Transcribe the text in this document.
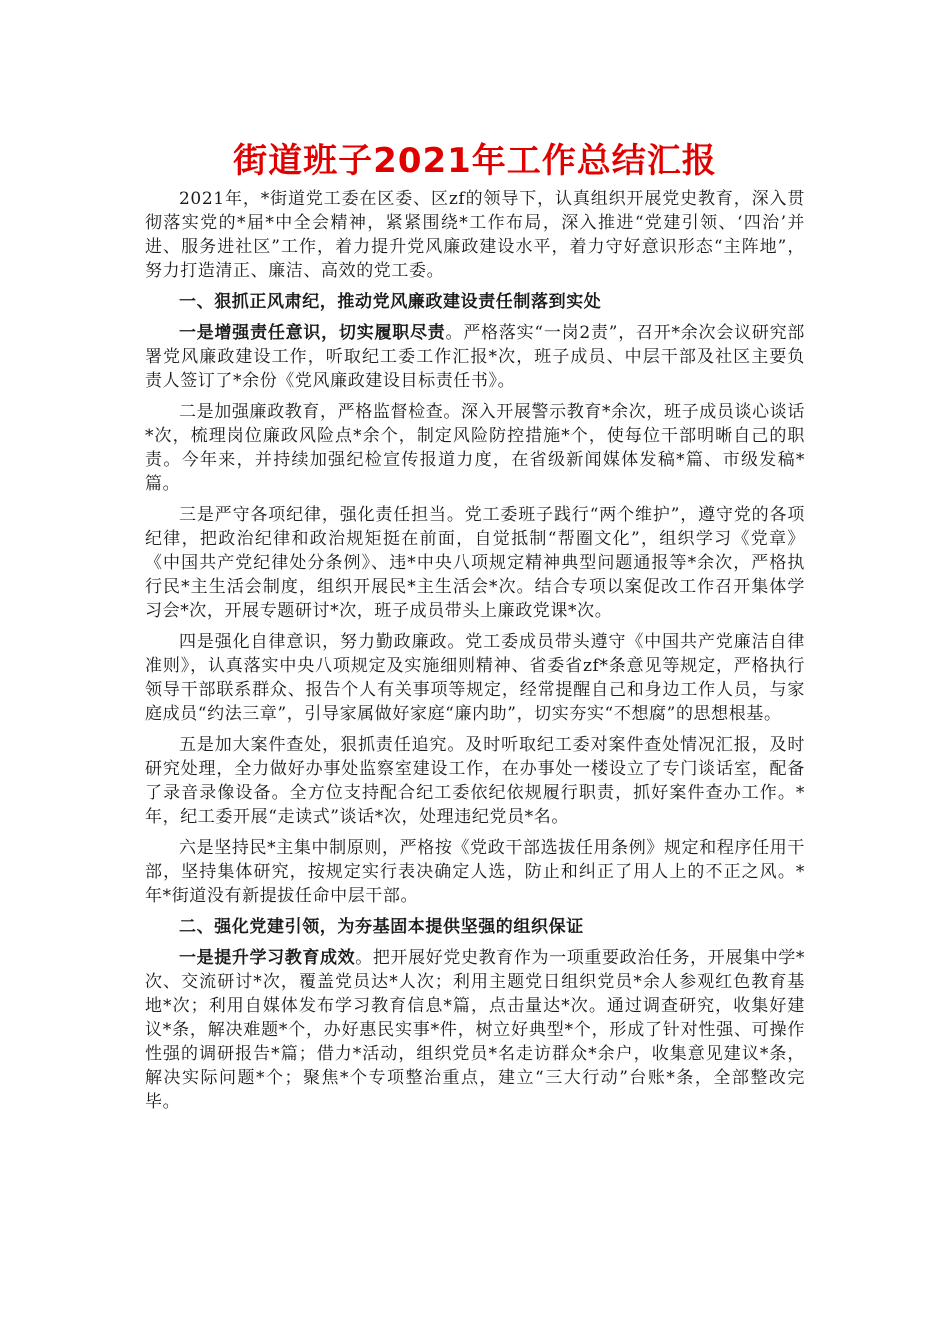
街道班子2021年工作总结汇报

2021年，*街道党工委在区委、区zf的领导下，认真组织开展党史教育，深入贯彻落实党的*届*中全会精神，紧紧围绕*工作布局，深入推进“党建引领、‘四治’并进、服务进社区”工作，着力提升党风廉政建设水平，着力守好意识形态“主阵地”，努力打造清正、廉洁、高效的党工委。

一、狠抓正风肃纪，推动党风廉政建设责任制落到实处

一是增强责任意识，切实履职尽责。严格落实“一岗2责”，召开*余次会议研究部署党风廉政建设工作，听取纪工委工作汇报*次，班子成员、中层干部及社区主要负责人签订了*余份《党风廉政建设目标责任书》。

二是加强廉政教育，严格监督检查。深入开展警示教育*余次，班子成员谈心谈话*次，梳理岗位廉政风险点*余个，制定风险防控措施*个，使每位干部明晰自己的职责。今年来，并持续加强纪检宣传报道力度，在省级新闻媒体发稿*篇、市级发稿*篇。

三是严守各项纪律，强化责任担当。党工委班子践行“两个维护”，遵守党的各项纪律，把政治纪律和政治规矩挺在前面，自觉抵制“帮圈文化”，组织学习《党章》《中国共产党纪律处分条例》、违*中央八项规定精神典型问题通报等*余次，严格执行民*主生活会制度，组织开展民*主生活会*次。结合专项以案促改工作召开集体学习会*次，开展专题研讨*次，班子成员带头上廉政党课*次。

四是强化自律意识，努力勤政廉政。党工委成员带头遵守《中国共产党廉洁自律准则》，认真落实中央八项规定及实施细则精神、省委省zf*条意见等规定，严格执行领导干部联系群众、报告个人有关事项等规定，经常提醒自己和身边工作人员，与家庭成员“约法三章”，引导家属做好家庭“廉内助”，切实夯实“不想腐”的思想根基。

五是加大案件查处，狠抓责任追究。及时听取纪工委对案件查处情况汇报，及时研究处理，全力做好办事处监察室建设工作，在办事处一楼设立了专门谈话室，配备了录音录像设备。全方位支持配合纪工委依纪依规履行职责，抓好案件查办工作。*年，纪工委开展“走读式”谈话*次，处理违纪党员*名。

六是坚持民*主集中制原则，严格按《党政干部选拔任用条例》规定和程序任用干部，坚持集体研究，按规定实行表决确定人选，防止和纠正了用人上的不正之风。*年*街道没有新提拔任命中层干部。

二、强化党建引领，为夯基固本提供坚强的组织保证

一是提升学习教育成效。把开展好党史教育作为一项重要政治任务，开展集中学*次、交流研讨*次，覆盖党员达*人次；利用主题党日组织党员*余人参观红色教育基地*次；利用自媒体发布学习教育信息*篇，点击量达*次。通过调查研究，收集好建议*条，解决难题*个，办好惠民实事*件，树立好典型*个，形成了针对性强、可操作性强的调研报告*篇；借力*活动，组织党员*名走访群众*余户，收集意见建议*条，解决实际问题*个；聚焦*个专项整治重点，建立“三大行动”台账*条，全部整改完毕。
